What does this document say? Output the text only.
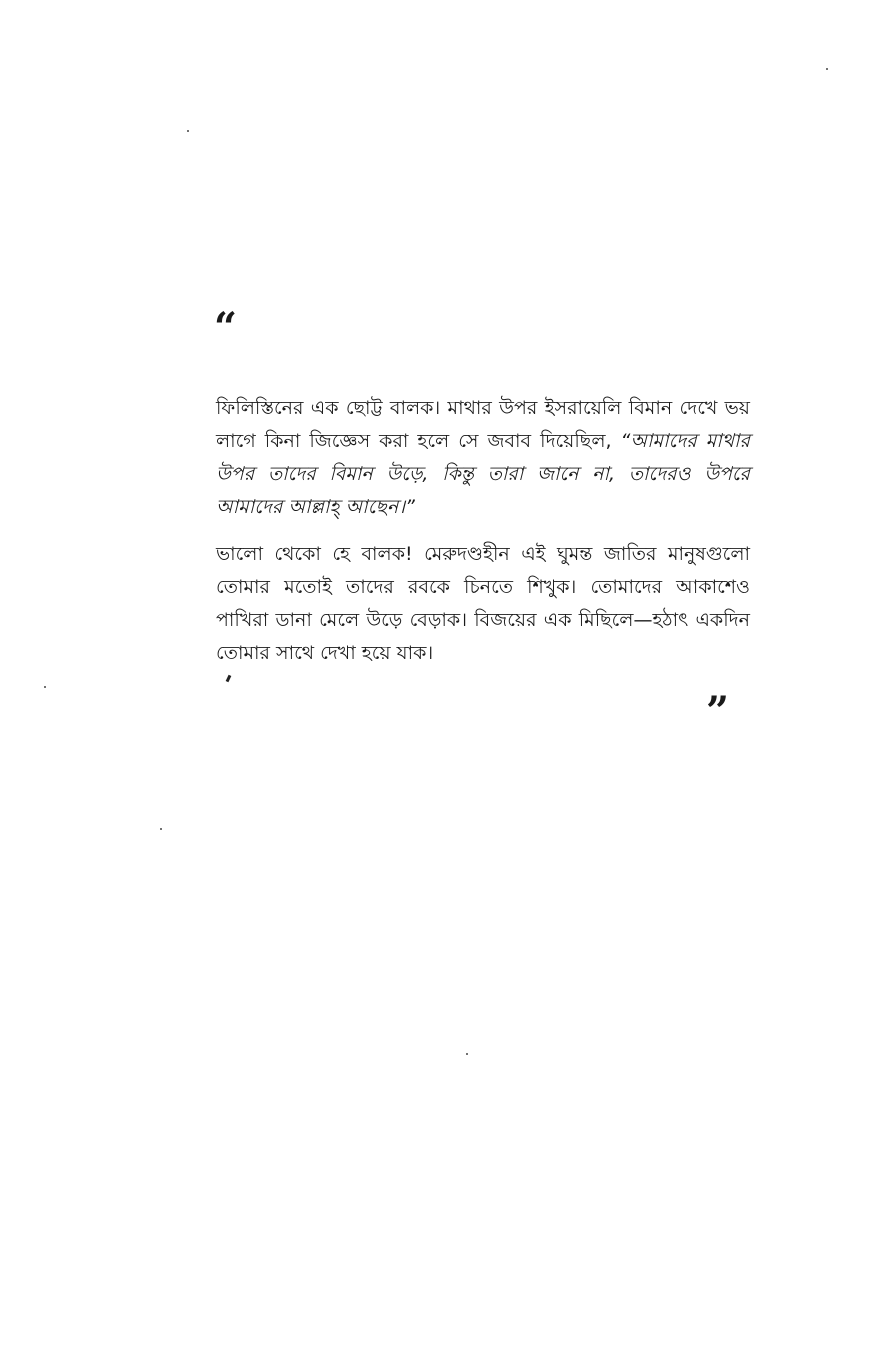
“

ফিলিস্তিনের এক ছোট্ট বালক। মাথার উপর ইসরায়েলি বিমান দেখে ভয় লাগে কিনা জিজ্ঞেস করা হলে সে জবাব দিয়েছিল, “আমাদের মাথার উপর তাদের বিমান উড়ে, কিন্তু তারা জানে না, তাদেরও উপরে আমাদের আল্লাহ্ আছেন।”

ভালো থেকো হে বালক! মেরুদণ্ডহীন এই ঘুমন্ত জাতির মানুষগুলো তোমার মতোই তাদের রবকে চিনতে শিখুক। তোমাদের আকাশেও পাখিরা ডানা মেলে উড়ে বেড়াক। বিজয়ের এক মিছিলে—হঠাৎ একদিন তোমার সাথে দেখা হয়ে যাক।

”
